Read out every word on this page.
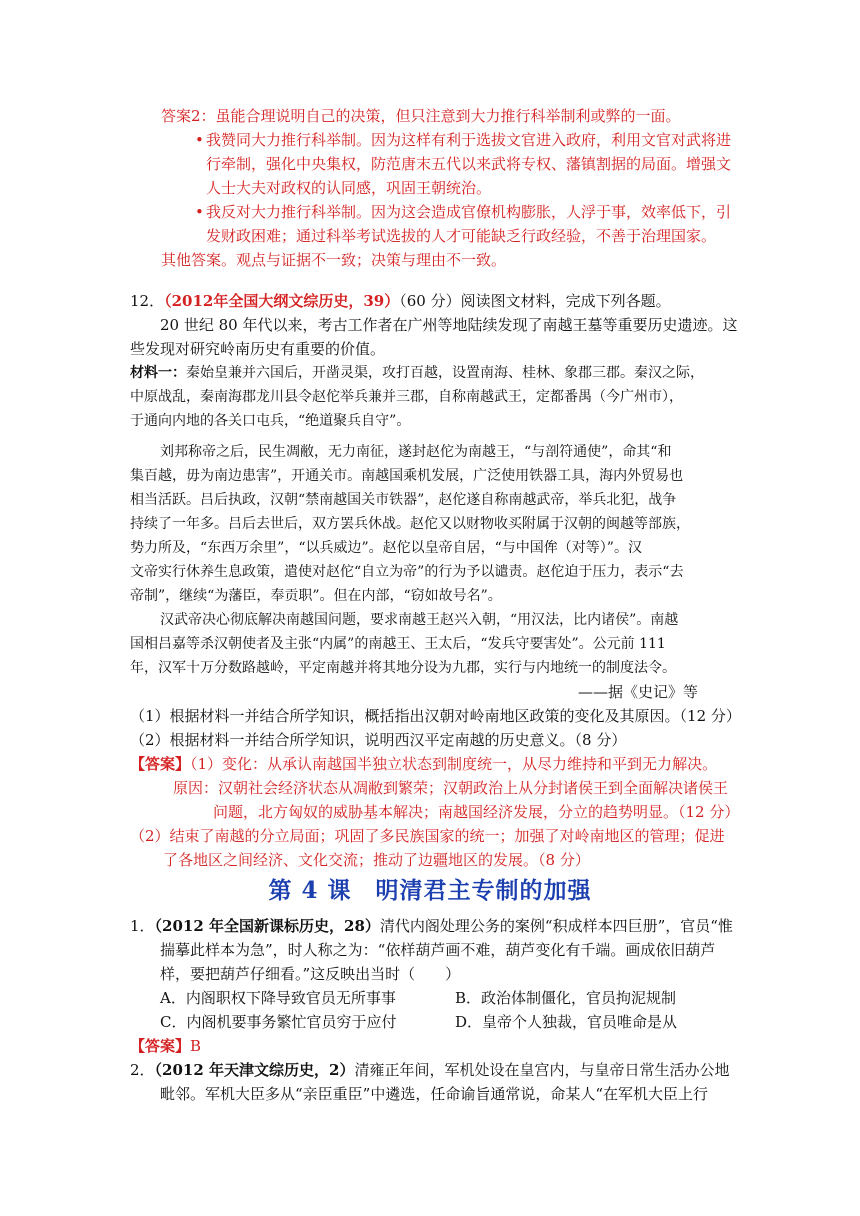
答案2：虽能合理说明自己的决策，但只注意到大力推行科举制利或弊的一面。
• 我赞同大力推行科举制。因为这样有利于选拔文官进入政府，利用文官对武将进
行牵制，强化中央集权，防范唐末五代以来武将专权、藩镇割据的局面。增强文
人士大夫对政权的认同感，巩固王朝统治。
• 我反对大力推行科举制。因为这会造成官僚机构膨胀，人浮于事，效率低下，引
发财政困难；通过科举考试选拔的人才可能缺乏行政经验，不善于治理国家。
其他答案。观点与证据不一致；决策与理由不一致。
12．（2012年全国大纲文综历史，39）（60 分）阅读图文材料，完成下列各题。
20 世纪 80 年代以来，考古工作者在广州等地陆续发现了南越王墓等重要历史遗迹。这
些发现对研究岭南历史有重要的价值。
材料一：秦始皇兼并六国后，开凿灵渠，攻打百越，设置南海、桂林、象郡三郡。秦汉之际，
中原战乱，秦南海郡龙川县令赵佗举兵兼并三郡，自称南越武王，定都番禺（今广州市），
于通向内地的各关口屯兵，“绝道聚兵自守”。
刘邦称帝之后，民生凋敝，无力南征，遂封赵佗为南越王，“与剖符通使”，命其“和
集百越，毋为南边患害”，开通关市。南越国乘机发展，广泛使用铁器工具，海内外贸易也
相当活跃。吕后执政，汉朝“禁南越国关市铁器”，赵佗遂自称南越武帝，举兵北犯，战争
持续了一年多。吕后去世后，双方罢兵休战。赵佗又以财物收买附属于汉朝的闽越等部族，
势力所及，“东西万余里”，“以兵威边”。赵佗以皇帝自居，“与中国侔（对等）”。汉
文帝实行休养生息政策，遣使对赵佗“自立为帝”的行为予以谴责。赵佗迫于压力，表示“去
帝制”，继续“为藩臣，奉贡职”。但在内部，“窃如故号名”。
汉武帝决心彻底解决南越国问题，要求南越王赵兴入朝，“用汉法，比内诸侯”。南越
国相吕嘉等杀汉朝使者及主张“内属”的南越王、王太后，“发兵守要害处”。公元前 111
年，汉军十万分数路越岭，平定南越并将其地分设为九郡，实行与内地统一的制度法令。
——据《史记》等
（1）根据材料一并结合所学知识，概括指出汉朝对岭南地区政策的变化及其原因。（12 分）
（2）根据材料一并结合所学知识，说明西汉平定南越的历史意义。（8 分）
【答案】（1）变化：从承认南越国半独立状态到制度统一，从尽力维持和平到无力解决。
原因：汉朝社会经济状态从凋敝到繁荣；汉朝政治上从分封诸侯王到全面解决诸侯王
问题，北方匈奴的威胁基本解决；南越国经济发展，分立的趋势明显。（12 分）
（2）结束了南越的分立局面；巩固了多民族国家的统一；加强了对岭南地区的管理；促进
了各地区之间经济、文化交流；推动了边疆地区的发展。（8 分）
第 4 课　明清君主专制的加强
1．（2012 年全国新课标历史，28）清代内阁处理公务的案例“积成样本四巨册”，官员“惟
揣摹此样本为急”，时人称之为：“依样葫芦画不难，葫芦变化有千端。画成依旧葫芦
样，要把葫芦仔细看。”这反映出当时（　　）
A．内阁职权下降导致官员无所事事	B．政治体制僵化，官员拘泥规制
C．内阁机要事务繁忙官员穷于应付	D．皇帝个人独裁，官员唯命是从
【答案】B
2．（2012 年天津文综历史，2）清雍正年间，军机处设在皇宫内，与皇帝日常生活办公地
毗邻。军机大臣多从“亲臣重臣”中遴选，任命谕旨通常说，命某人“在军机大臣上行
